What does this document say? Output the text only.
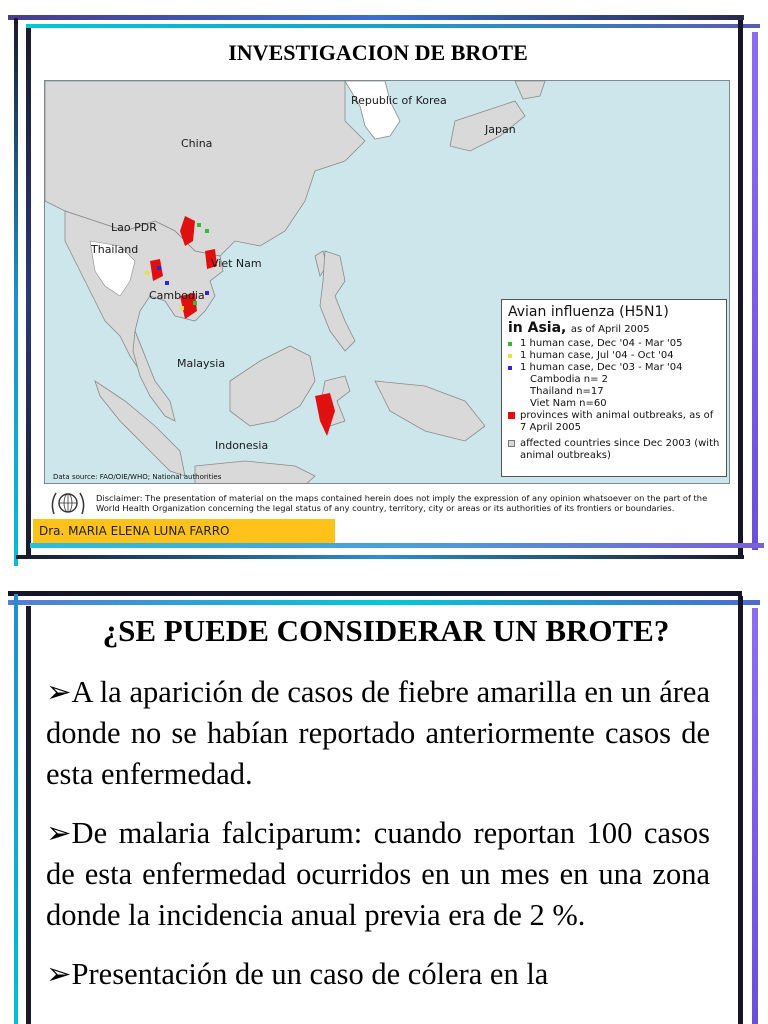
INVESTIGACION DE BROTE
Republic of Korea
Japan
China
Lao PDR
Thailand
Viet Nam
Cambodia
Malaysia
Indonesia
Avian influenza (H5N1)
in Asia, as of April 2005
1 human case, Dec '04 - Mar '05
1 human case, Jul '04 - Oct '04
1 human case, Dec '03 - Mar '04
Cambodia n= 2
Thailand n=17
Viet Nam n=60
provinces with animal outbreaks, as of 7 April 2005
affected countries since Dec 2003 (with animal outbreaks)
Data source: FAO/OIE/WHO; National authorities
Disclaimer: The presentation of material on the maps contained herein does not imply the expression of any opinion whatsoever on the part of the World Health Organization concerning the legal status of any country, territory, city or areas or its authorities of its frontiers or boundaries.
Dra. MARIA ELENA LUNA FARRO
¿SE PUEDE CONSIDERAR UN BROTE?

➢A la aparición de casos de fiebre amarilla en un área donde no se habían reportado anteriormente casos de esta enfermedad.

➢De malaria falciparum: cuando reportan 100 casos de esta enfermedad ocurridos en un mes en una zona donde la incidencia anual previa era de 2 %.

➢Presentación de un caso de cólera en la
